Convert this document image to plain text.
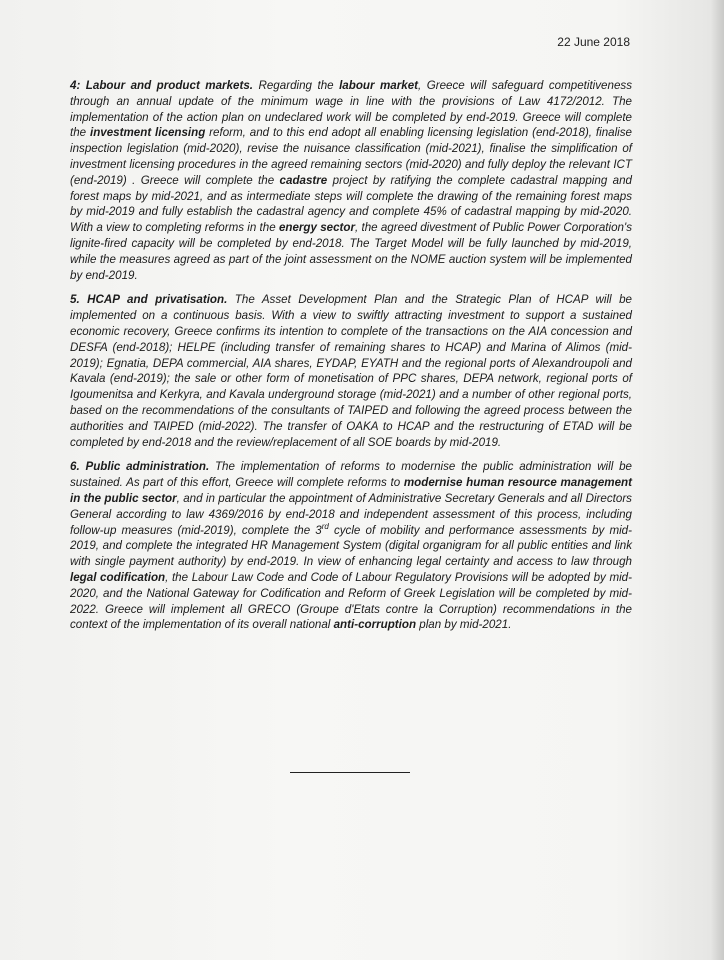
22 June 2018

4: Labour and product markets. Regarding the labour market, Greece will safeguard competitiveness through an annual update of the minimum wage in line with the provisions of Law 4172/2012. The implementation of the action plan on undeclared work will be completed by end-2019. Greece will complete the investment licensing reform, and to this end adopt all enabling licensing legislation (end-2018), finalise inspection legislation (mid-2020), revise the nuisance classification (mid-2021), finalise the simplification of investment licensing procedures in the agreed remaining sectors (mid-2020) and fully deploy the relevant ICT (end-2019) . Greece will complete the cadastre project by ratifying the complete cadastral mapping and forest maps by mid-2021, and as intermediate steps will complete the drawing of the remaining forest maps by mid-2019 and fully establish the cadastral agency and complete 45% of cadastral mapping by mid-2020. With a view to completing reforms in the energy sector, the agreed divestment of Public Power Corporation's lignite-fired capacity will be completed by end-2018. The Target Model will be fully launched by mid-2019, while the measures agreed as part of the joint assessment on the NOME auction system will be implemented by end-2019.

5. HCAP and privatisation. The Asset Development Plan and the Strategic Plan of HCAP will be implemented on a continuous basis. With a view to swiftly attracting investment to support a sustained economic recovery, Greece confirms its intention to complete of the transactions on the AIA concession and DESFA (end-2018); HELPE (including transfer of remaining shares to HCAP) and Marina of Alimos (mid-2019); Egnatia, DEPA commercial, AIA shares, EYDAP, EYATH and the regional ports of Alexandroupoli and Kavala (end-2019); the sale or other form of monetisation of PPC shares, DEPA network, regional ports of Igoumenitsa and Kerkyra, and Kavala underground storage (mid-2021) and a number of other regional ports, based on the recommendations of the consultants of TAIPED and following the agreed process between the authorities and TAIPED (mid-2022). The transfer of OAKA to HCAP and the restructuring of ETAD will be completed by end-2018 and the review/replacement of all SOE boards by mid-2019.

6. Public administration. The implementation of reforms to modernise the public administration will be sustained. As part of this effort, Greece will complete reforms to modernise human resource management in the public sector, and in particular the appointment of Administrative Secretary Generals and all Directors General according to law 4369/2016 by end-2018 and independent assessment of this process, including follow-up measures (mid-2019), complete the 3rd cycle of mobility and performance assessments by mid-2019, and complete the integrated HR Management System (digital organigram for all public entities and link with single payment authority) by end-2019. In view of enhancing legal certainty and access to law through legal codification, the Labour Law Code and Code of Labour Regulatory Provisions will be adopted by mid-2020, and the National Gateway for Codification and Reform of Greek Legislation will be completed by mid-2022. Greece will implement all GRECO (Groupe d'Etats contre la Corruption) recommendations in the context of the implementation of its overall national anti-corruption plan by mid-2021.
